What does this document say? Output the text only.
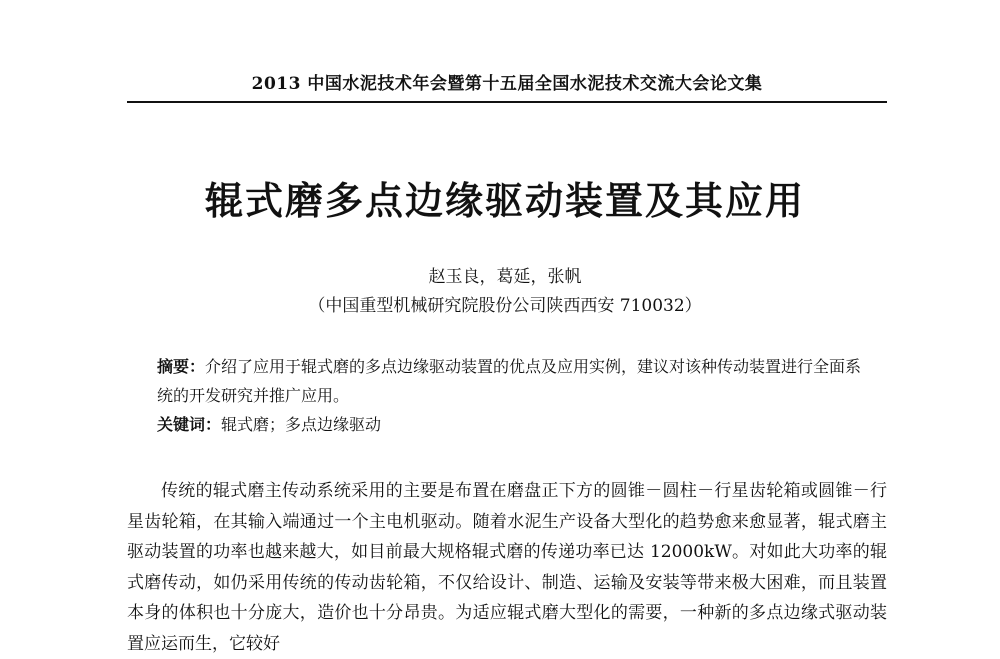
2013 中国水泥技术年会暨第十五届全国水泥技术交流大会论文集
辊式磨多点边缘驱动装置及其应用
赵玉良，葛延，张帆
（中国重型机械研究院股份公司陕西西安 710032）
摘要：介绍了应用于辊式磨的多点边缘驱动装置的优点及应用实例，建议对该种传动装置进行全面系统的开发研究并推广应用。
关键词：辊式磨；多点边缘驱动

传统的辊式磨主传动系统采用的主要是布置在磨盘正下方的圆锥－圆柱－行星齿轮箱或圆锥－行星齿轮箱，在其输入端通过一个主电机驱动。随着水泥生产设备大型化的趋势愈来愈显著，辊式磨主驱动装置的功率也越来越大，如目前最大规格辊式磨的传递功率已达 12000kW。对如此大功率的辊式磨传动，如仍采用传统的传动齿轮箱，不仅给设计、制造、运输及安装等带来极大困难，而且装置本身的体积也十分庞大，造价也十分昂贵。为适应辊式磨大型化的需要，一种新的多点边缘式驱动装置应运而生，它较好
